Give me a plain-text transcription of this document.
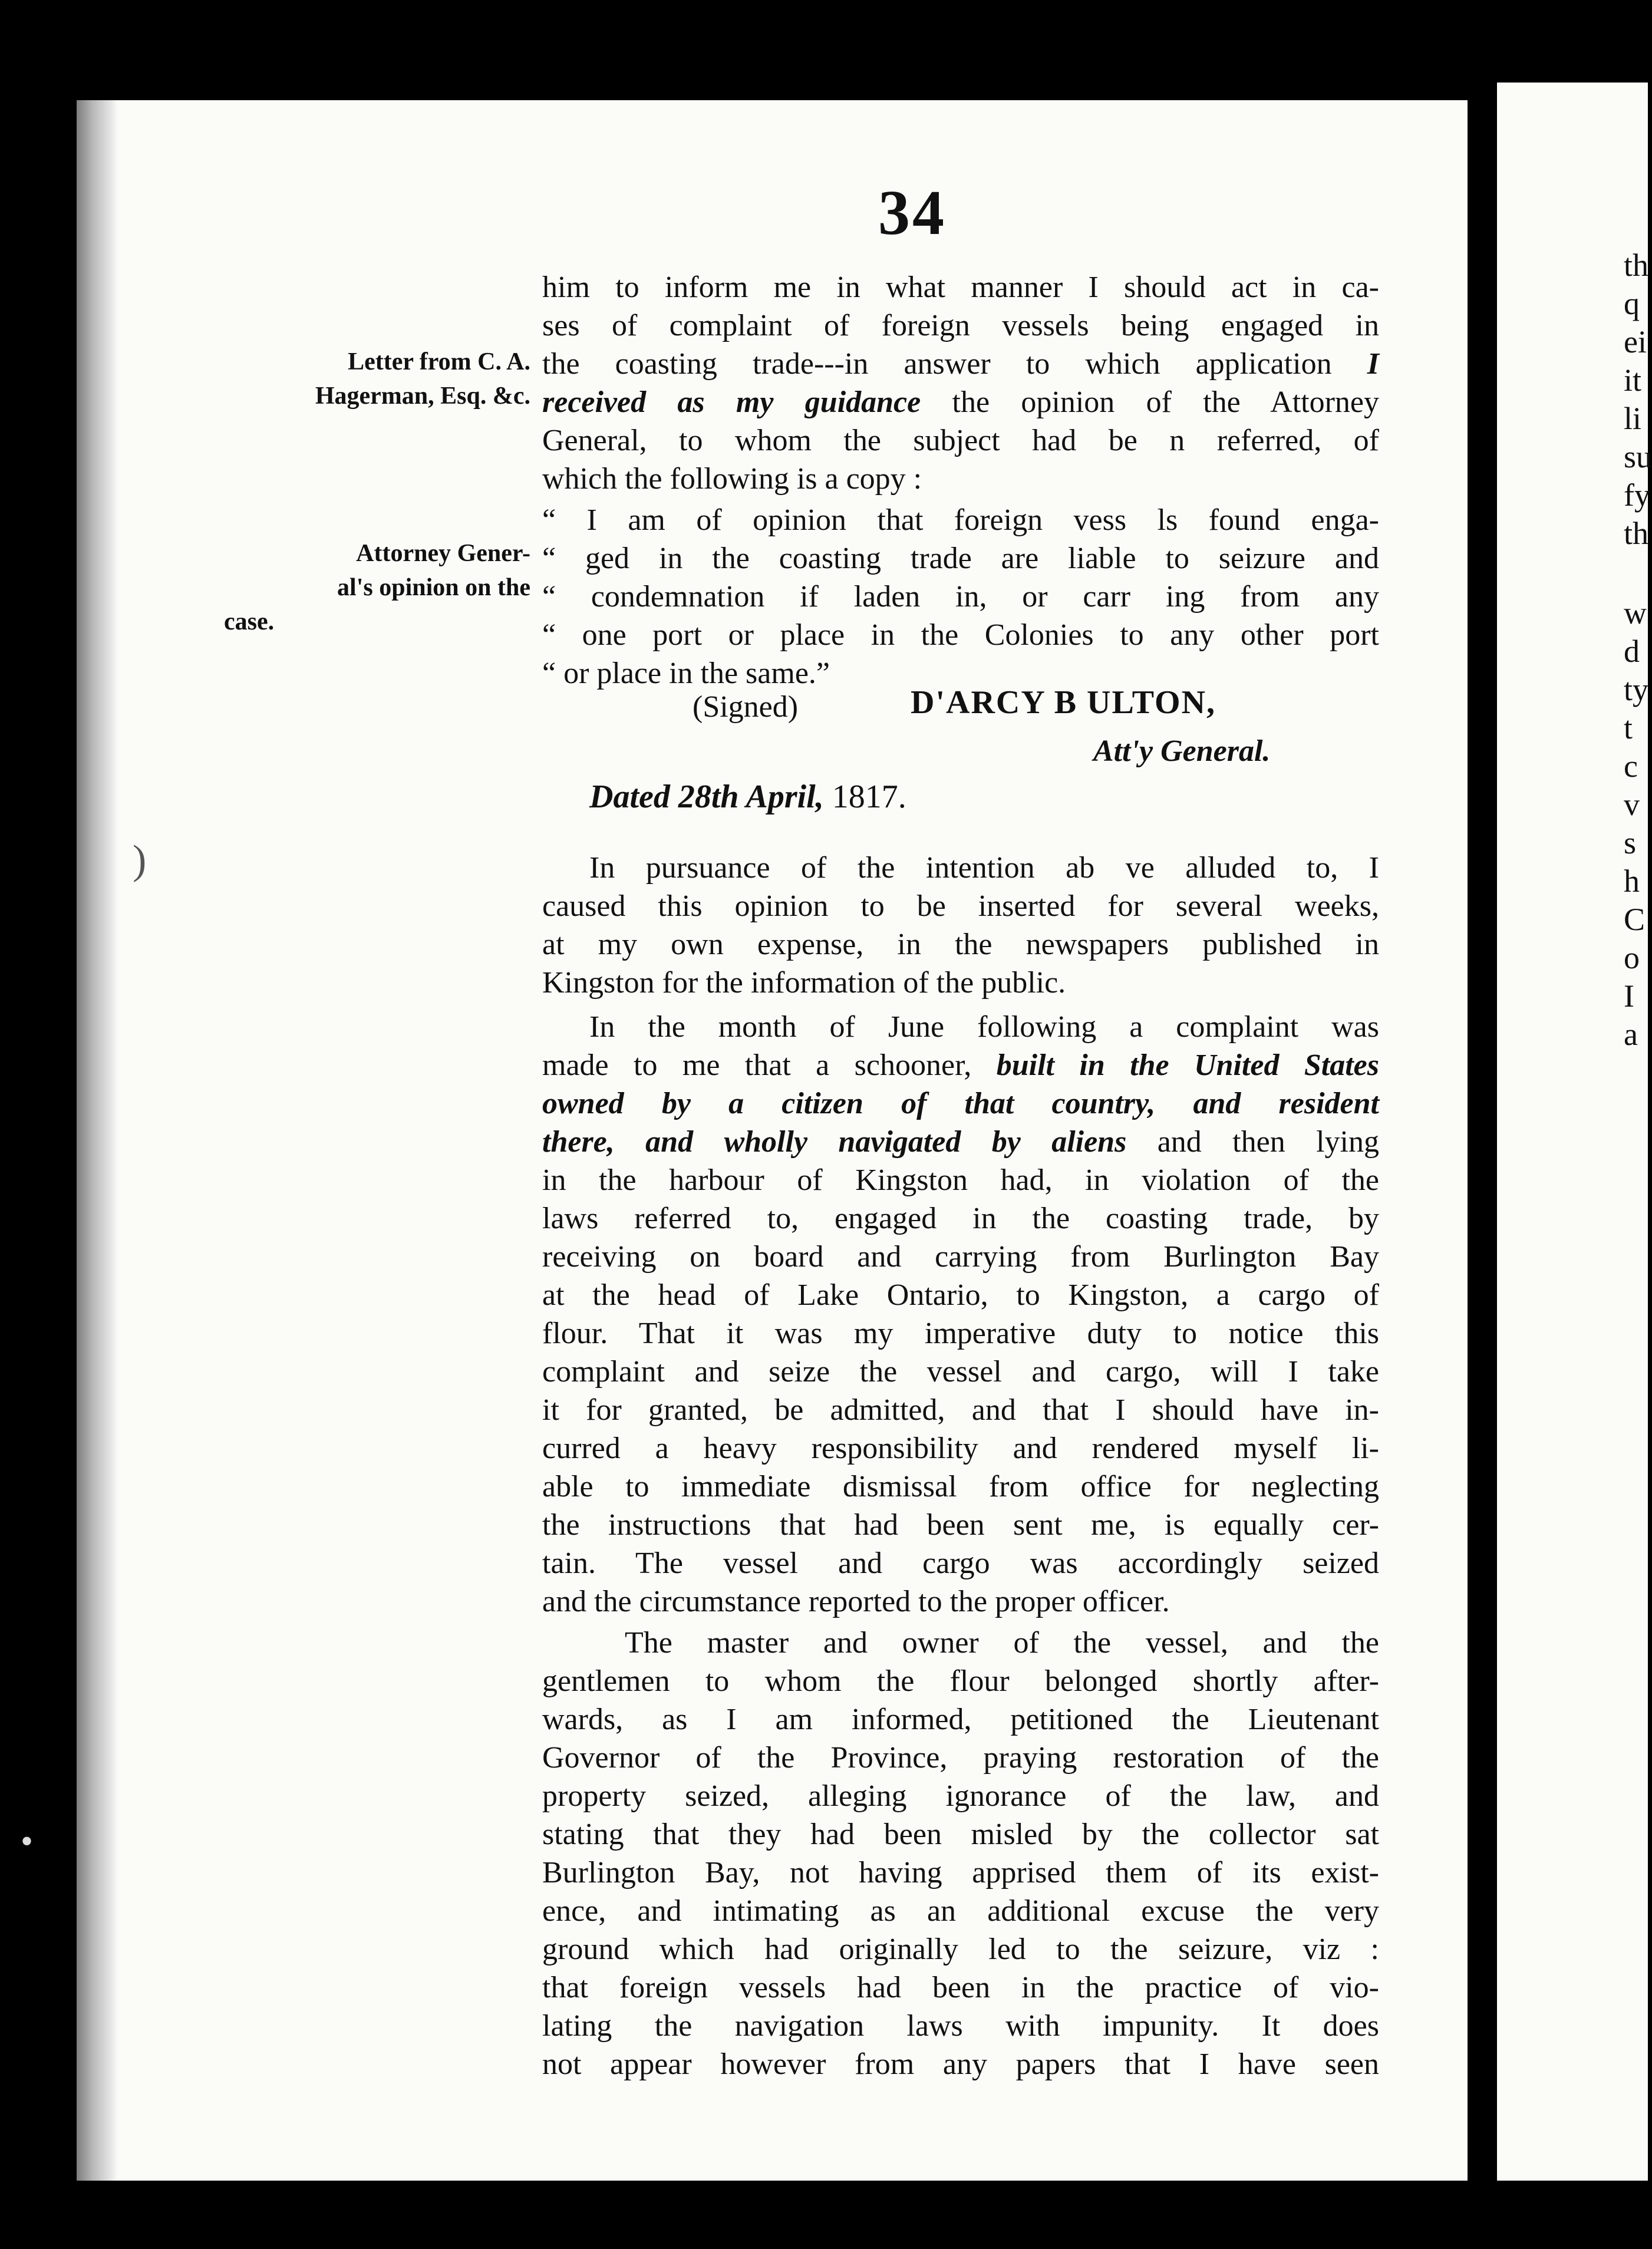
th
q
ei
it
li
su
fy
th
w
d
ty
t
c
v
s
h
C
o
I
a
34
Letter from C. A.
Hagerman, Esq. &c.
Attorney Gener-
al's opinion on the
case.
him to inform me in what manner I should act in ca-
ses of complaint of foreign vessels being engaged in
the coasting trade---in answer to which application I
received as my guidance the opinion of the Attorney
General, to whom the subject had be n referred, of
which the following is a copy :
“ I am of opinion that foreign vess ls found enga-
“ ged in the coasting trade are liable to seizure and
“ condemnation if laden in, or carr ing from any
“ one port or place in the Colonies to any other port
“ or place in the same.”
(Signed)	D'ARCY B ULTON,
Att'y General.
Dated 28th April, 1817.
In pursuance of the intention ab ve alluded to, I
caused this opinion to be inserted for several weeks,
at my own expense, in the newspapers published in
Kingston for the information of the public.
In the month of June following a complaint was
made to me that a schooner, built in the United States
owned by a citizen of that country, and resident
there, and wholly navigated by aliens and then lying
in the harbour of Kingston had, in violation of the
laws referred to, engaged in the coasting trade, by
receiving on board and carrying from Burlington Bay
at the head of Lake Ontario, to Kingston, a cargo of
flour. That it was my imperative duty to notice this
complaint and seize the vessel and cargo, will I take
it for granted, be admitted, and that I should have in-
curred a heavy responsibility and rendered myself li-
able to immediate dismissal from office for neglecting
the instructions that had been sent me, is equally cer-
tain. The vessel and cargo was accordingly seized
and the circumstance reported to the proper officer.
The master and owner of the vessel, and the
gentlemen to whom the flour belonged shortly after-
wards, as I am informed, petitioned the Lieutenant
Governor of the Province, praying restoration of the
property seized, alleging ignorance of the law, and
stating that they had been misled by the collector sat
Burlington Bay, not having apprised them of its exist-
ence, and intimating as an additional excuse the very
ground which had originally led to the seizure, viz :
that foreign vessels had been in the practice of vio-
lating the navigation laws with impunity. It does
not appear however from any papers that I have seen
•
)
